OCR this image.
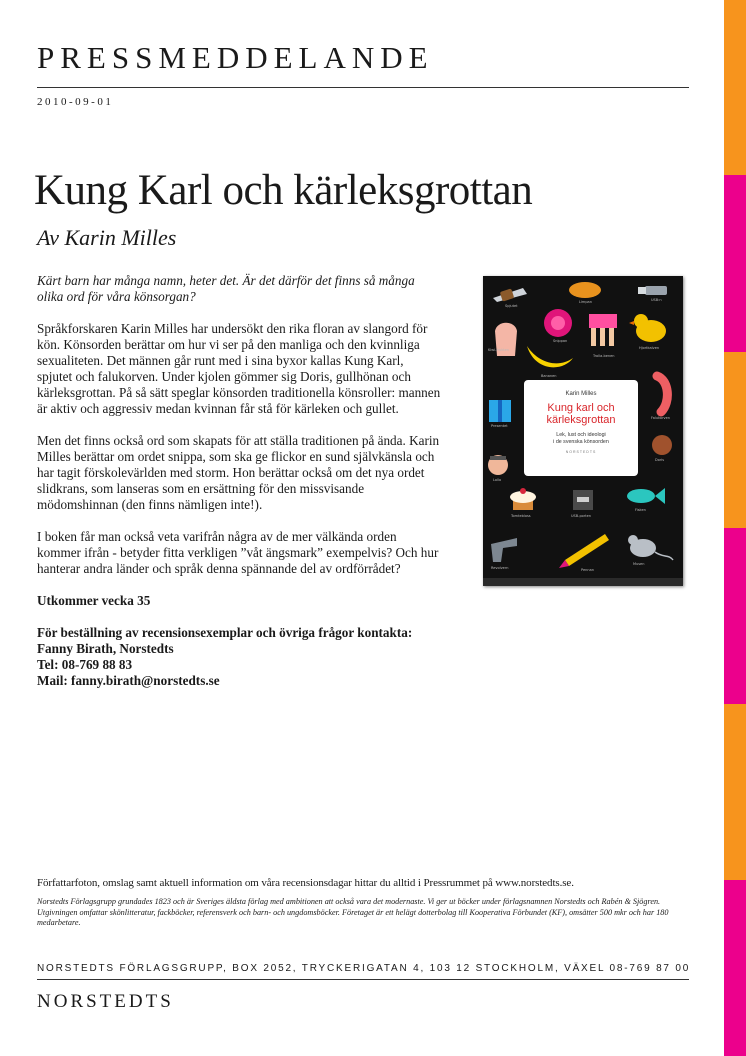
PRESSMEDDELANDE
2010-09-01
Kung Karl och kärleksgrottan
Av Karin Milles

Kärt barn har många namn, heter det. Är det därför det finns så många olika ord för våra könsorgan?

Språkforskaren Karin Milles har undersökt den rika floran av slangord för kön. Könsorden berättar om hur vi ser på den manliga och den kvinnliga sexualiteten. Det männen går runt med i sina byxor kallas Kung Karl, spjutet och falukorven. Under kjolen gömmer sig Doris, gullhönan och kärleksgrottan. På så sätt speglar könsorden traditionella könsroller: mannen är aktiv och aggressiv medan kvinnan får stå för kärleken och gullet.

Men det finns också ord som skapats för att ställa traditionen på ända. Karin Milles berättar om ordet snippa, som ska ge flickor en sund självkänsla och har tagit förskolevärlden med storm. Hon berättar också om det nya ordet slidkrans, som lanseras som en ersättning för den missvisande mödomshinnan (den finns nämligen inte!).

I boken får man också veta varifrån några av de mer välkända orden kommer ifrån - betyder fitta verkligen ”våt ängsmark” exempelvis? Och hur hanterar andra länder och språk denna spännande del av ordförrådet?

Utkommer vecka 35

För beställning av recensionsexemplar och övriga frågor kontakta:

Fanny Birath, Norstedts

Tel: 08-769 88 83

Mail: fanny.birath@norstedts.se

Spjutet
Limpan	USB:n
Snippan
Kiwi-frukten
Trolla-benen
Hjortkalven
Bananen
Presentet
Falukorven
Doris
Lollo
Tomtebloss	USB-porten
Fisken
Revolvern	Pennan
Musen
Karin Milles
Kung karl och
kärleksgrottan
Lek, lust och ideologi
i de svenska könsorden
NORSTEDTS
Författarfoton, omslag samt aktuell information om våra recensionsdagar hittar du alltid i Pressrummet på www.norstedts.se.
Norstedts Förlagsgrupp grundades 1823 och är Sveriges äldsta förlag med ambitionen att också vara det modernaste. Vi ger ut böcker under förlagsnamnen Norstedts och Rabén & Sjögren. Utgivningen omfattar skönlitteratur, fackböcker, referensverk och barn- och ungdomsböcker. Företaget är ett helägt dotterbolag till Kooperativa Förbundet (KF), omsätter 500 mkr och har 180 medarbetare.
NORSTEDTS FÖRLAGSGRUPP, BOX 2052, TRYCKERIGATAN 4, 103 12 STOCKHOLM, VÄXEL 08-769 87 00
NORSTEDTS
